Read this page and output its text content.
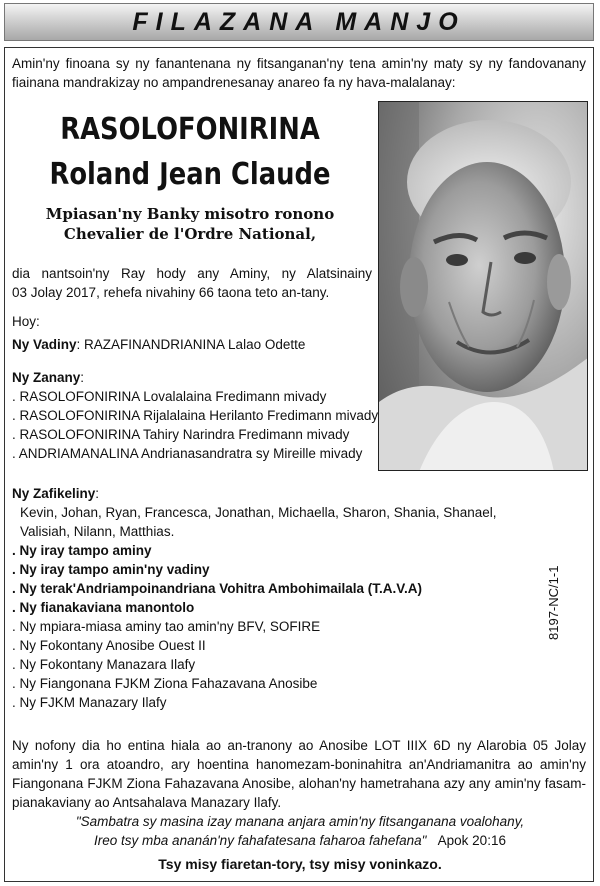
FILAZANA MANJO
Amin'ny finoana sy ny fanantenana ny fitsanganan'ny tena amin'ny maty sy ny fandovanany fiainana mandrakizay no ampandrenesanay anareo fa ny hava-malalanay:
RASOLOFONIRINA
Roland Jean Claude
Mpiasan'ny Banky misotro ronono
Chevalier de l'Ordre National,
dia nantsoin'ny Ray hody any Aminy, ny Alatsinainy
03 Jolay 2017, rehefa nivahiny 66 taona teto an-tany.
Hoy:
Ny Vadiny: RAZAFINANDRIANINA Lalao Odette
Ny Zanany:
. RASOLOFONIRINA Lovalalaina Fredimann mivady
. RASOLOFONIRINA Rijalalaina Herilanto Fredimann mivady
. RASOLOFONIRINA Tahiry Narindra Fredimann mivady
. ANDRIAMANALINA Andrianasandratra sy Mireille mivady
Ny Zafikeliny:
Kevin, Johan, Ryan, Francesca, Jonathan, Michaella, Sharon, Shania, Shanael,
Valisiah, Nilann, Matthias.
. Ny iray tampo aminy
. Ny iray tampo amin'ny vadiny
. Ny terak'Andriampoinandriana Vohitra Ambohimailala (T.A.V.A)
. Ny fianakaviana manontolo
. Ny mpiara-miasa aminy tao amin'ny BFV, SOFIRE
. Ny Fokontany Anosibe Ouest II
. Ny Fokontany Manazara Ilafy
. Ny Fiangonana FJKM Ziona Fahazavana Anosibe
. Ny FJKM Manazary Ilafy
8197-NC/1-1
Ny nofony dia ho entina hiala ao an-tranony ao Anosibe LOT IIIX 6D ny Alarobia 05 Jolay amin'ny 1 ora atoandro, ary hoentina hanomezam-boninahitra an'Andriamanitra ao amin'ny Fiangonana FJKM Ziona Fahazavana Anosibe, alohan'ny hametrahana azy any amin'ny fasam-pianakaviany ao Antsahalava Manazary Ilafy.
"Sambatra sy masina izay manana anjara amin'ny fitsanganana voalohany,
Ireo tsy mba ananán'ny fahafatesana faharoa fahefana" Apok 20:16
Tsy misy fiaretan-tory, tsy misy voninkazo.
